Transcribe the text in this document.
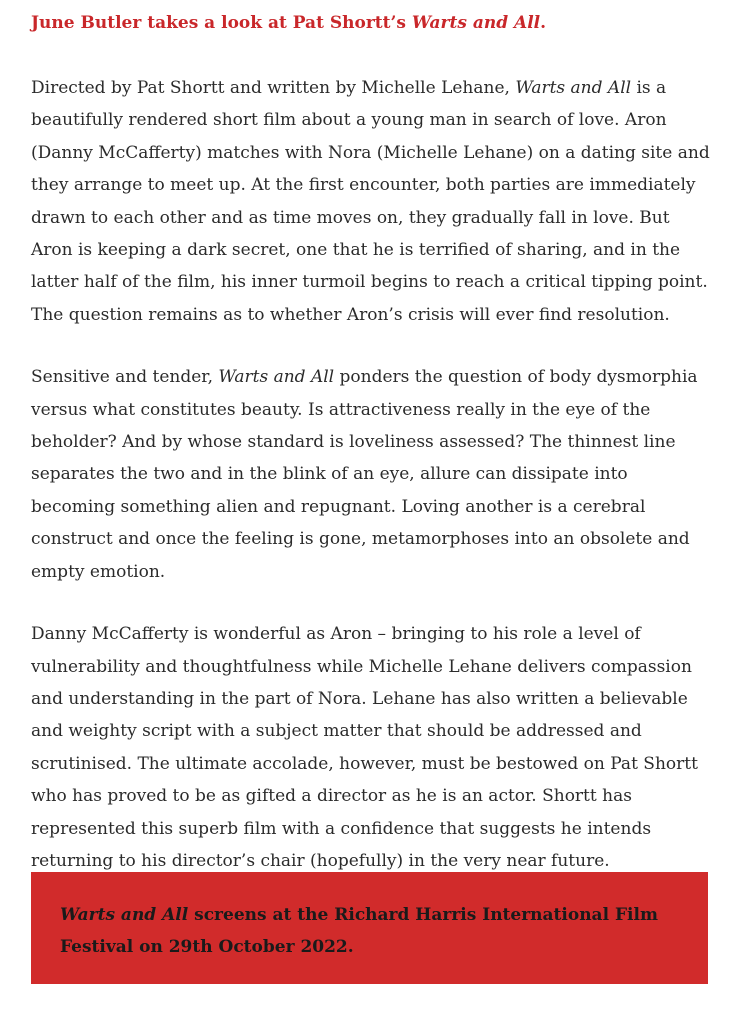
June Butler takes a look at Pat Shortt’s Warts and All.

Directed by Pat Shortt and written by Michelle Lehane, Warts and All is a beautifully rendered short film about a young man in search of love. Aron (Danny McCafferty) matches with Nora (Michelle Lehane) on a dating site and they arrange to meet up. At the first encounter, both parties are immediately drawn to each other and as time moves on, they gradually fall in love. But Aron is keeping a dark secret, one that he is terrified of sharing, and in the latter half of the film, his inner turmoil begins to reach a critical tipping point. The question remains as to whether Aron’s crisis will ever find resolution.

Sensitive and tender, Warts and All ponders the question of body dysmorphia versus what constitutes beauty. Is attractiveness really in the eye of the beholder? And by whose standard is loveliness assessed? The thinnest line separates the two and in the blink of an eye, allure can dissipate into becoming something alien and repugnant. Loving another is a cerebral construct and once the feeling is gone, metamorphoses into an obsolete and empty emotion.

Danny McCafferty is wonderful as Aron – bringing to his role a level of vulnerability and thoughtfulness while Michelle Lehane delivers compassion and understanding in the part of Nora. Lehane has also written a believable and weighty script with a subject matter that should be addressed and scrutinised. The ultimate accolade, however, must be bestowed on Pat Shortt who has proved to be as gifted a director as he is an actor. Shortt has represented this superb film with a confidence that suggests he intends returning to his director’s chair (hopefully) in the very near future.

Warts and All screens at the Richard Harris International Film Festival on 29th October 2022.
